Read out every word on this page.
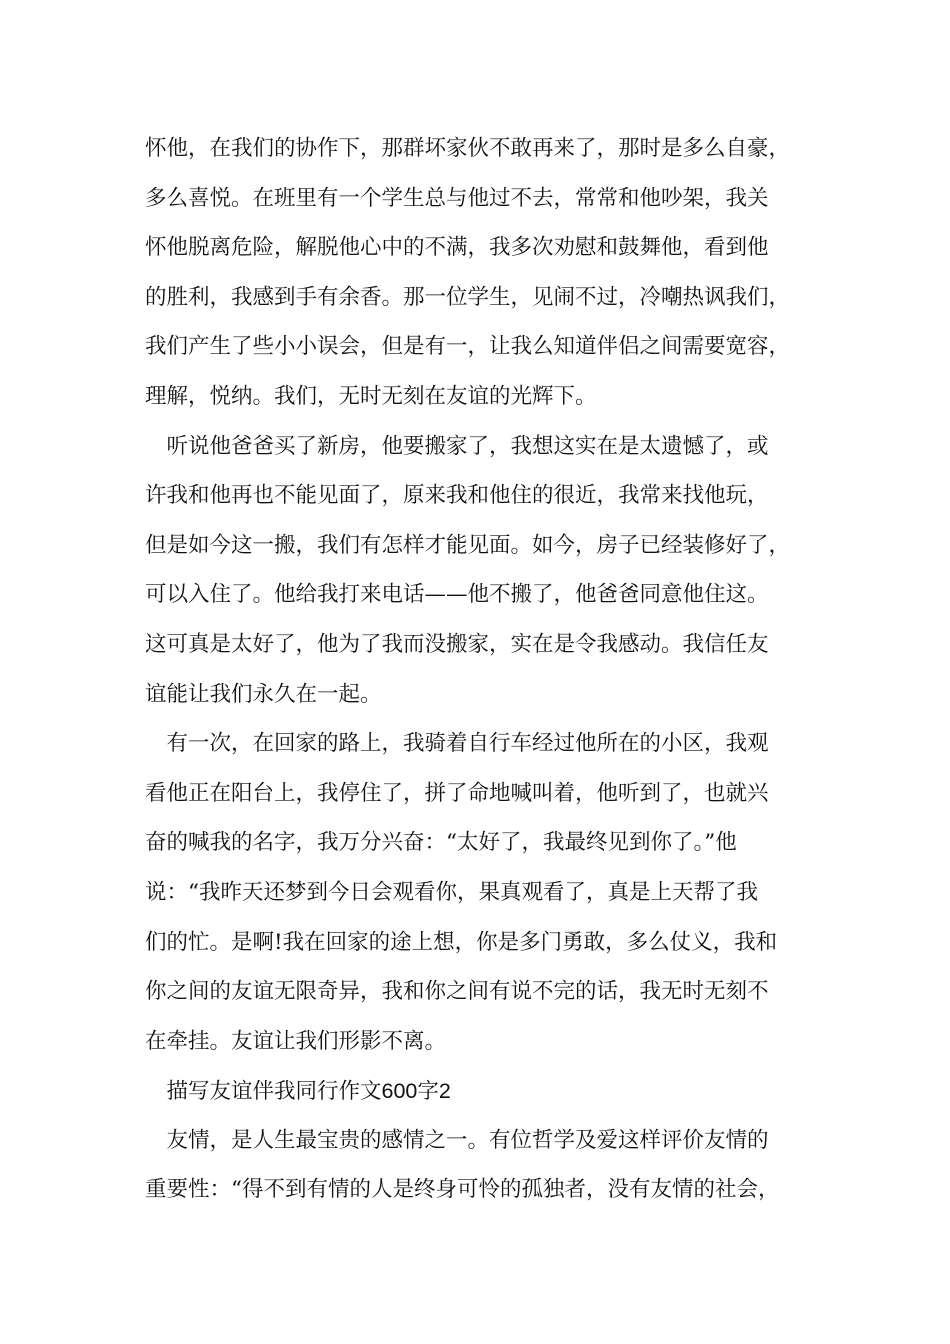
怀他，在我们的协作下，那群坏家伙不敢再来了，那时是多么自豪，
多么喜悦。在班里有一个学生总与他过不去，常常和他吵架，我关
怀他脱离危险，解脱他心中的不满，我多次劝慰和鼓舞他，看到他
的胜利，我感到手有余香。那一位学生，见闹不过，冷嘲热讽我们，
我们产生了些小小误会，但是有一，让我么知道伴侣之间需要宽容，
理解，悦纳。我们，无时无刻在友谊的光辉下。
　听说他爸爸买了新房，他要搬家了，我想这实在是太遗憾了，或
许我和他再也不能见面了，原来我和他住的很近，我常来找他玩，
但是如今这一搬，我们有怎样才能见面。如今，房子已经装修好了，
可以入住了。他给我打来电话——他不搬了，他爸爸同意他住这。
这可真是太好了，他为了我而没搬家，实在是令我感动。我信任友
谊能让我们永久在一起。
　有一次，在回家的路上，我骑着自行车经过他所在的小区，我观
看他正在阳台上，我停住了，拼了命地喊叫着，他听到了，也就兴
奋的喊我的名字，我万分兴奋：“太好了，我最终见到你了。”他
说：“我昨天还梦到今日会观看你，果真观看了，真是上天帮了我
们的忙。是啊!我在回家的途上想，你是多门勇敢，多么仗义，我和
你之间的友谊无限奇异，我和你之间有说不完的话，我无时无刻不
在牵挂。友谊让我们形影不离。
　描写友谊伴我同行作文600字2
　友情，是人生最宝贵的感情之一。有位哲学及爱这样评价友情的
重要性：“得不到有情的人是终身可怜的孤独者，没有友情的社会，
